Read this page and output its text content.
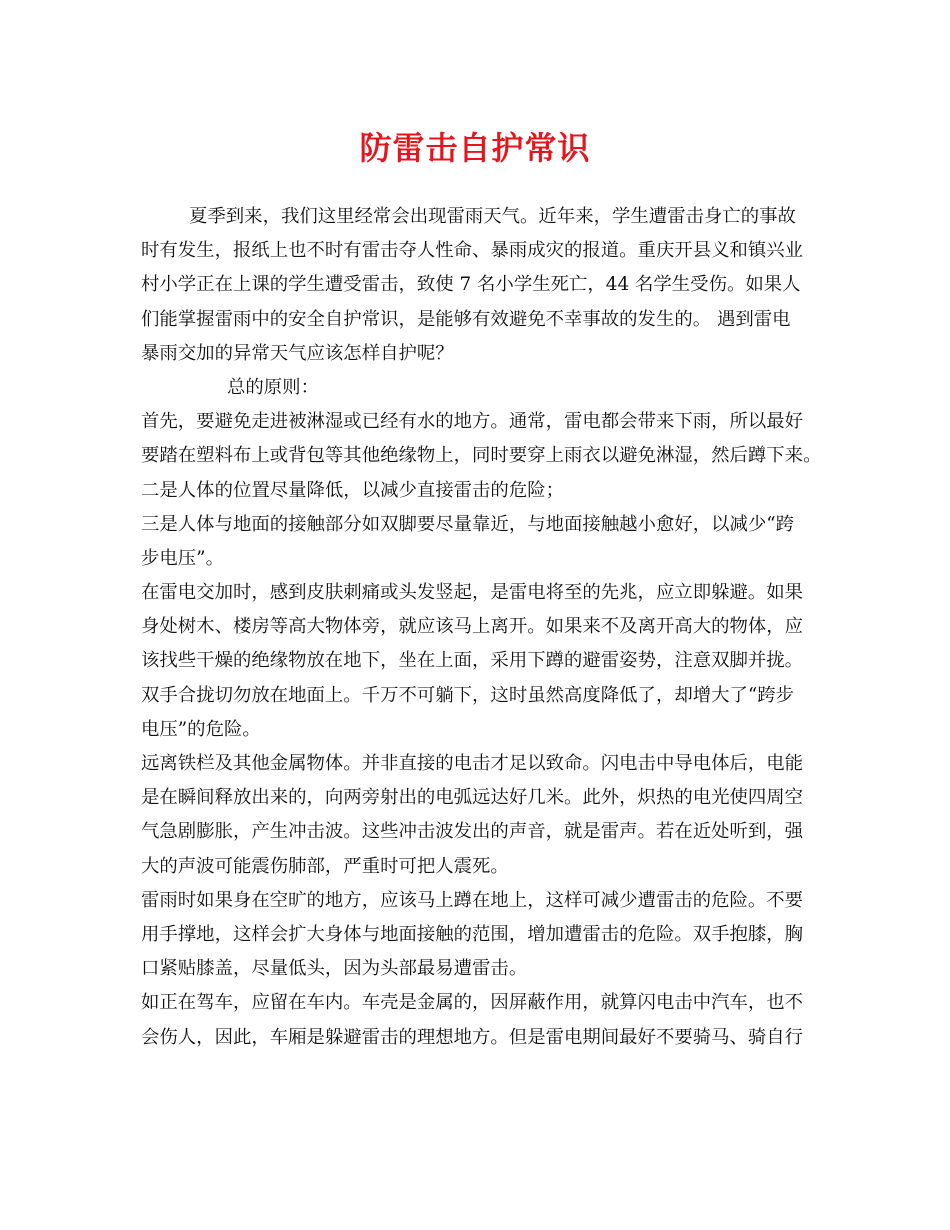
防雷击自护常识
夏季到来，我们这里经常会出现雷雨天气。近年来，学生遭雷击身亡的事故
时有发生，报纸上也不时有雷击夺人性命、暴雨成灾的报道。重庆开县义和镇兴业
村小学正在上课的学生遭受雷击，致使 7 名小学生死亡，44 名学生受伤。如果人
们能掌握雷雨中的安全自护常识，是能够有效避免不幸事故的发生的。 遇到雷电
暴雨交加的异常天气应该怎样自护呢？
总的原则：
首先，要避免走进被淋湿或已经有水的地方。通常，雷电都会带来下雨，所以最好
要踏在塑料布上或背包等其他绝缘物上，同时要穿上雨衣以避免淋湿，然后蹲下来。
二是人体的位置尽量降低，以减少直接雷击的危险；
三是人体与地面的接触部分如双脚要尽量靠近，与地面接触越小愈好，以减少“跨
步电压”。
在雷电交加时，感到皮肤刺痛或头发竖起，是雷电将至的先兆，应立即躲避。如果
身处树木、楼房等高大物体旁，就应该马上离开。如果来不及离开高大的物体，应
该找些干燥的绝缘物放在地下，坐在上面，采用下蹲的避雷姿势，注意双脚并拢。
双手合拢切勿放在地面上。千万不可躺下，这时虽然高度降低了，却增大了“跨步
电压”的危险。
远离铁栏及其他金属物体。并非直接的电击才足以致命。闪电击中导电体后，电能
是在瞬间释放出来的，向两旁射出的电弧远达好几米。此外，炽热的电光使四周空
气急剧膨胀，产生冲击波。这些冲击波发出的声音，就是雷声。若在近处听到，强
大的声波可能震伤肺部，严重时可把人震死。
雷雨时如果身在空旷的地方，应该马上蹲在地上，这样可减少遭雷击的危险。不要
用手撑地，这样会扩大身体与地面接触的范围，增加遭雷击的危险。双手抱膝，胸
口紧贴膝盖，尽量低头，因为头部最易遭雷击。
如正在驾车，应留在车内。车壳是金属的，因屏蔽作用，就算闪电击中汽车，也不
会伤人，因此，车厢是躲避雷击的理想地方。但是雷电期间最好不要骑马、骑自行
